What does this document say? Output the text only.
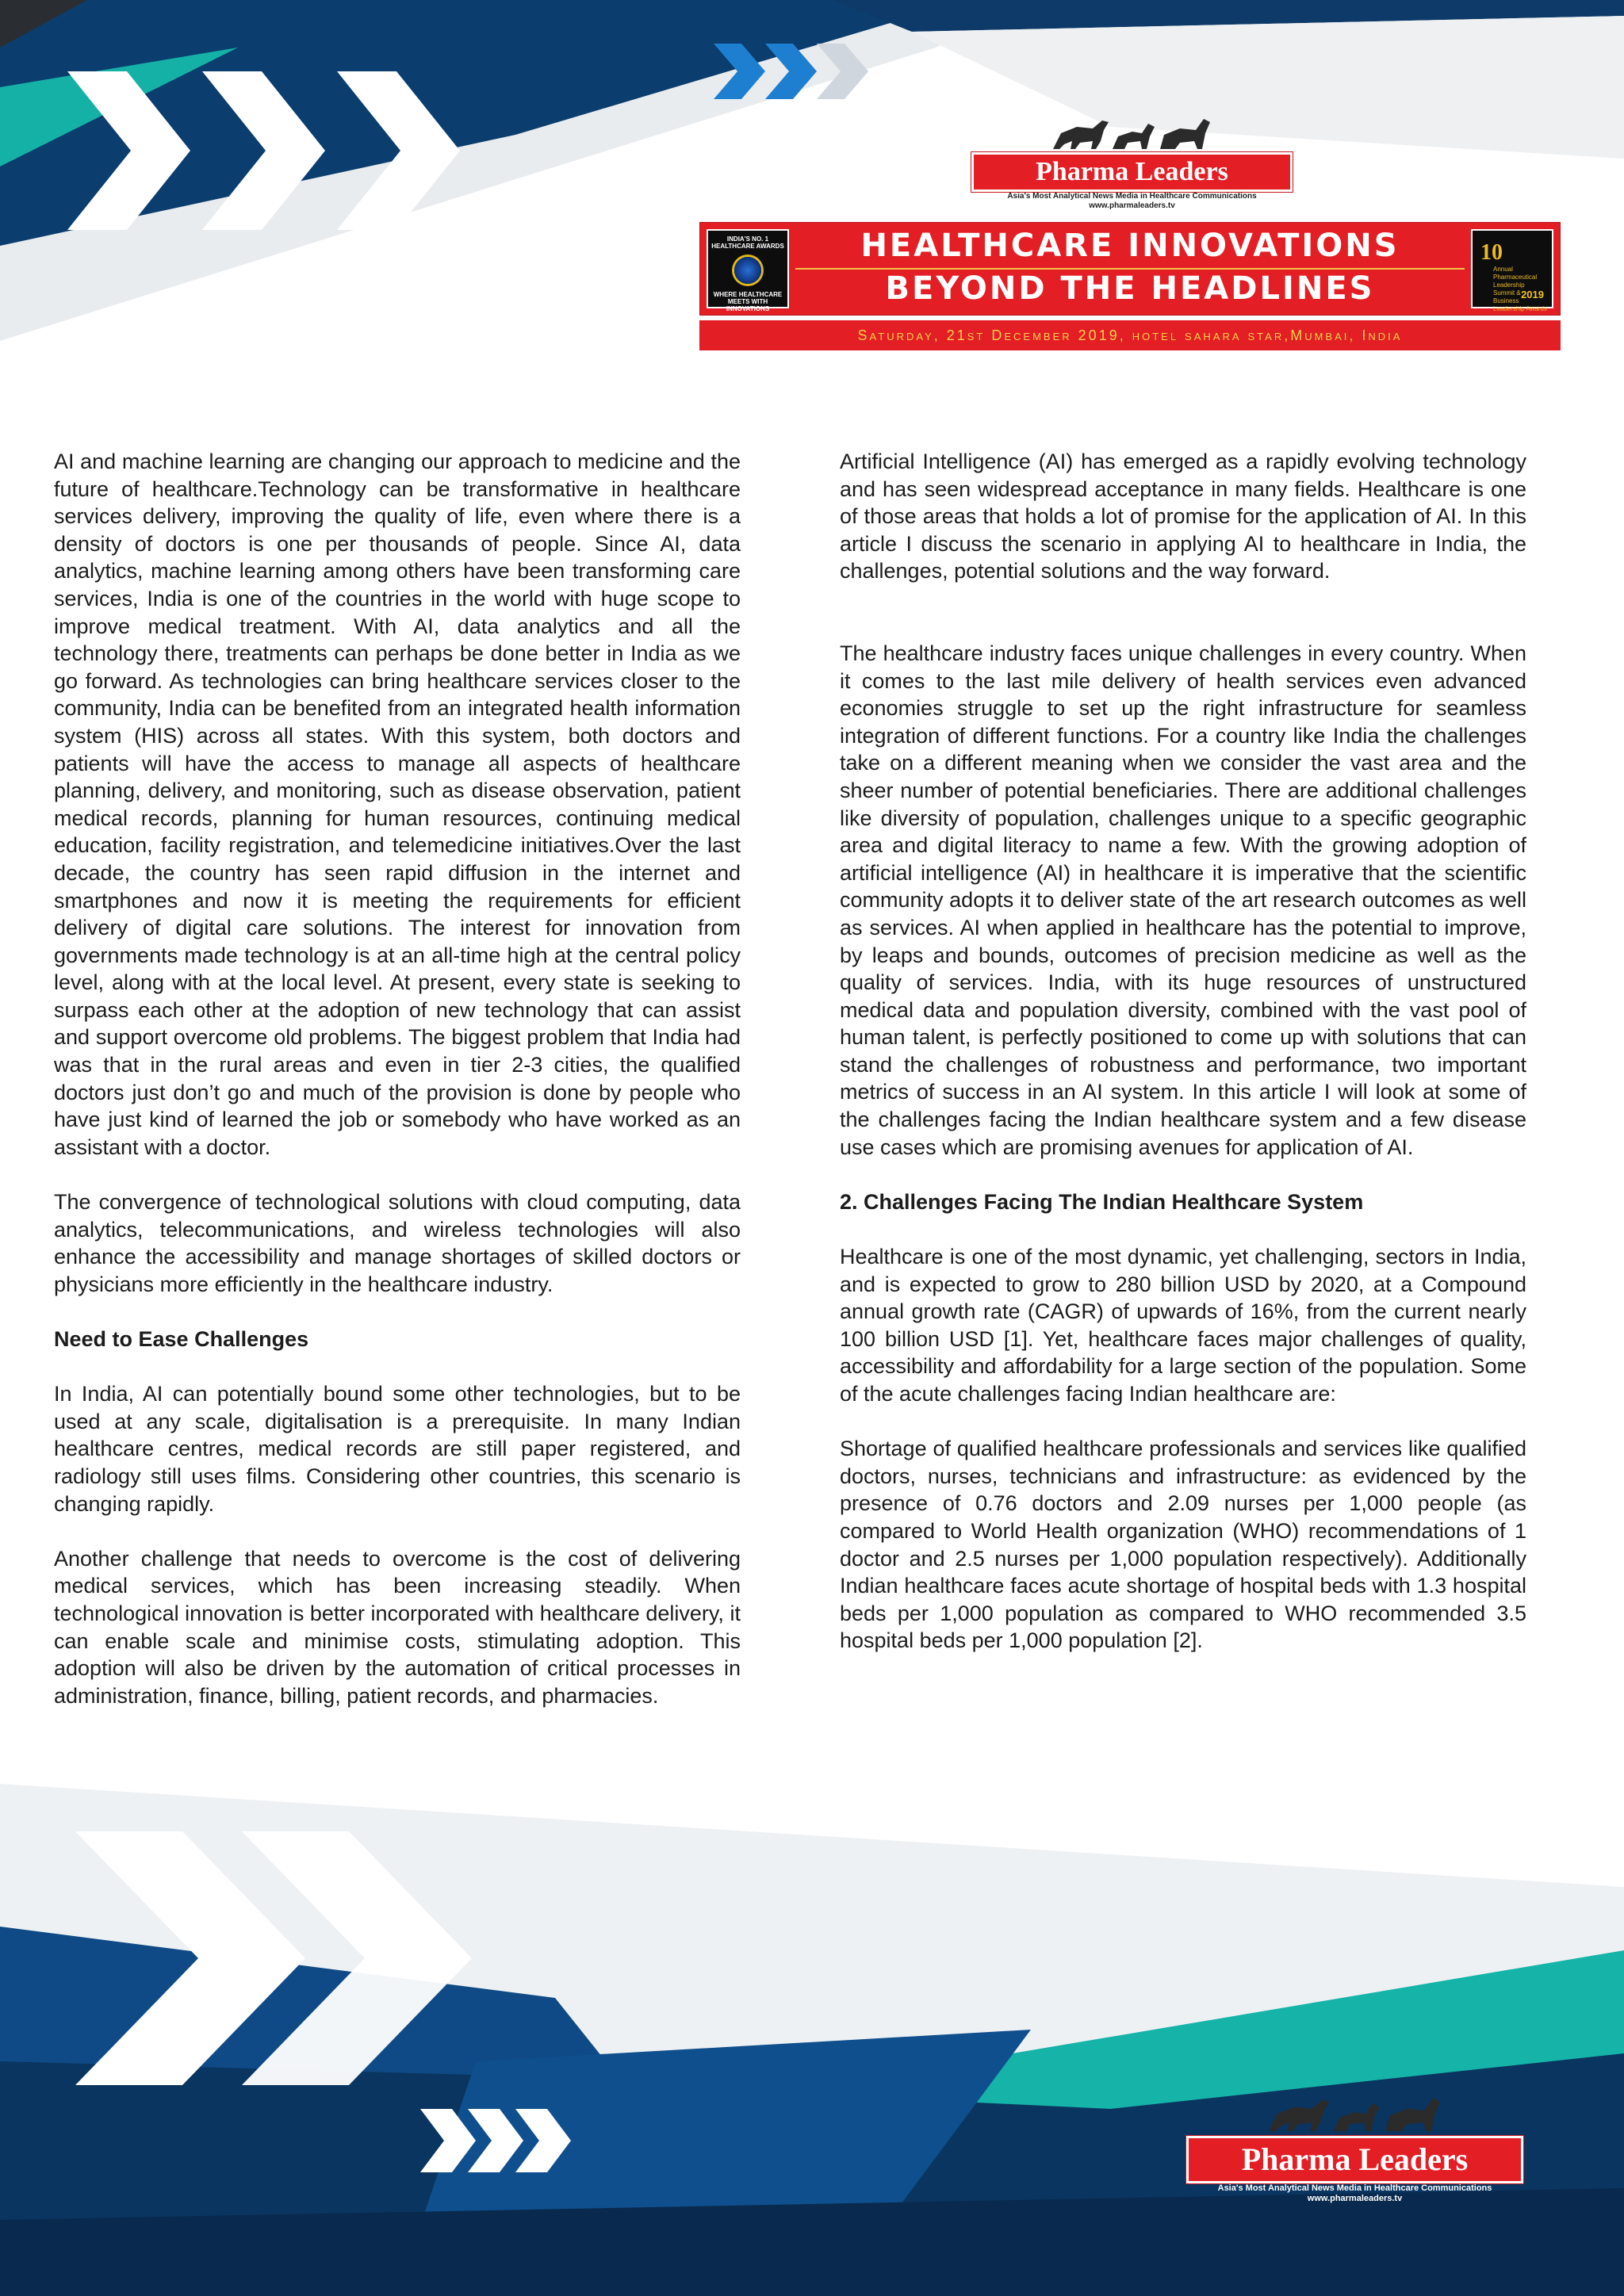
Pharma Leaders
Asia's Most Analytical News Media in Healthcare Communications
www.pharmaleaders.tv
INDIA'S NO. 1 HEALTHCARE AWARDS
WHERE HEALTHCARE MEETS WITH INNOVATIONS
HEALTHCARE INNOVATIONS
BEYOND THE HEADLINES
10
Annual Pharmaceutical Leadership Summit & Business Leadership Awards
2019
Saturday, 21st December 2019, hotel sahara star,Mumbai, India

AI and machine learning are changing our approach to medicine and the future of healthcare.Technology can be transformative in healthcare services delivery, improving the quality of life, even where there is a density of doctors is one per thousands of people. Since AI, data analytics, machine learning among others have been transforming care services, India is one of the countries in the world with huge scope to improve medical treatment. With AI, data analytics and all the technology there, treatments can perhaps be done better in India as we go forward. As technologies can bring healthcare services closer to the community, India can be benefited from an integrated health information system (HIS) across all states. With this system, both doctors and patients will have the access to manage all aspects of healthcare planning, delivery, and monitoring, such as disease observation, patient medical records, planning for human resources, continuing medical education, facility registration, and telemedicine initiatives.Over the last decade, the country has seen rapid diffusion in the internet and smartphones and now it is meeting the requirements for efficient delivery of digital care solutions. The interest for innovation from governments made technology is at an all-time high at the central policy level, along with at the local level. At present, every state is seeking to surpass each other at the adoption of new technology that can assist and support overcome old problems. The biggest problem that India had was that in the rural areas and even in tier 2-3 cities, the qualified doctors just don’t go and much of the provision is done by people who have just kind of learned the job or somebody who have worked as an assistant with a doctor.

The convergence of technological solutions with cloud computing, data analytics, telecommunications, and wireless technologies will also enhance the accessibility and manage shortages of skilled doctors or physicians more efficiently in the healthcare industry.

Need to Ease Challenges

In India, AI can potentially bound some other technologies, but to be used at any scale, digitalisation is a prerequisite. In many Indian healthcare centres, medical records are still paper registered, and radiology still uses films. Considering other countries, this scenario is changing rapidly.

Another challenge that needs to overcome is the cost of delivering medical services, which has been increasing steadily. When technological innovation is better incorporated with healthcare delivery, it can enable scale and minimise costs, stimulating adoption. This adoption will also be driven by the automation of critical processes in administration, finance, billing, patient records, and pharmacies.

Artificial Intelligence (AI) has emerged as a rapidly evolving technology and has seen widespread acceptance in many fields. Healthcare is one of those areas that holds a lot of promise for the application of AI. In this article I discuss the scenario in applying AI to healthcare in India, the challenges, potential solutions and the way forward.

The healthcare industry faces unique challenges in every country. When it comes to the last mile delivery of health services even advanced economies struggle to set up the right infrastructure for seamless integration of different functions. For a country like India the challenges take on a different meaning when we consider the vast area and the sheer number of potential beneficiaries. There are additional challenges like diversity of population, challenges unique to a specific geographic area and digital literacy to name a few. With the growing adoption of artificial intelligence (AI) in healthcare it is imperative that the scientific community adopts it to deliver state of the art research outcomes as well as services. AI when applied in healthcare has the potential to improve, by leaps and bounds, outcomes of precision medicine as well as the quality of services. India, with its huge resources of unstructured medical data and population diversity, combined with the vast pool of human talent, is perfectly positioned to come up with solutions that can stand the challenges of robustness and performance, two important metrics of success in an AI system. In this article I will look at some of the challenges facing the Indian healthcare system and a few disease use cases which are promising avenues for application of AI.

2. Challenges Facing The Indian Healthcare System

Healthcare is one of the most dynamic, yet challenging, sectors in India, and is expected to grow to 280 billion USD by 2020, at a Compound annual growth rate (CAGR) of upwards of 16%, from the current nearly 100 billion USD [1]. Yet, healthcare faces major challenges of quality, accessibility and affordability for a large section of the population. Some of the acute challenges facing Indian healthcare are:

Shortage of qualified healthcare professionals and services like qualified doctors, nurses, technicians and infrastructure: as evidenced by the presence of 0.76 doctors and 2.09 nurses per 1,000 people (as compared to World Health organization (WHO) recommendations of 1 doctor and 2.5 nurses per 1,000 population respectively). Additionally Indian healthcare faces acute shortage of hospital beds with 1.3 hospital beds per 1,000 population as compared to WHO recommended 3.5 hospital beds per 1,000 population [2].

Pharma Leaders
Asia's Most Analytical News Media in Healthcare Communications
www.pharmaleaders.tv
